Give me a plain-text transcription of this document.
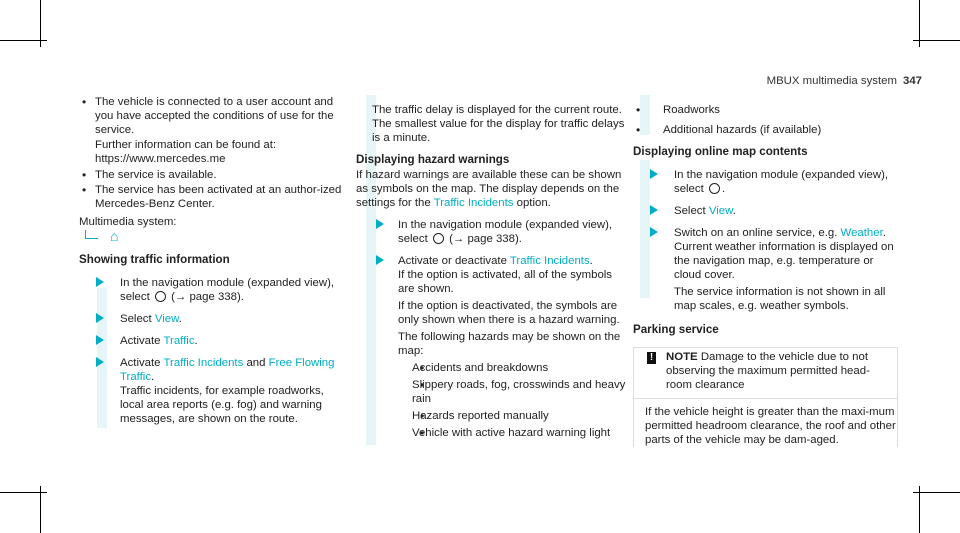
MBUX multimedia system 347
• The vehicle is connected to a user account and you have accepted the conditions of use for the service.
Further information can be found at: https://www.mercedes.me
• The service is available.
• The service has been activated at an author-ized Mercedes-Benz Center.
Multimedia system:
⌂
Showing traffic information
In the navigation module (expanded view), select (→ page 338).
Select View.
Activate Traffic.
Activate Traffic Incidents and Free Flowing Traffic.
Traffic incidents, for example roadworks, local area reports (e.g. fog) and warning messages, are shown on the route.
The traffic delay is displayed for the current route. The smallest value for the display for traffic delays is a minute.
Displaying hazard warnings
If hazard warnings are available these can be shown as symbols on the map. The display depends on the settings for the Traffic Incidents option.
In the navigation module (expanded view), select (→ page 338).
Activate or deactivate Traffic Incidents.
If the option is activated, all of the symbols are shown.
If the option is deactivated, the symbols are only shown when there is a hazard warning.
The following hazards may be shown on the map:
• Accidents and breakdowns
• Slippery roads, fog, crosswinds and heavy rain
• Hazards reported manually
• Vehicle with active hazard warning light
• Roadworks
• Additional hazards (if available)
Displaying online map contents
In the navigation module (expanded view), select .
Select View.
Switch on an online service, e.g. Weather.
Current weather information is displayed on the navigation map, e.g. temperature or cloud cover.
The service information is not shown in all map scales, e.g. weather symbols.
Parking service
!	NOTE Damage to the vehicle due to not observing the maximum permitted head-room clearance
If the vehicle height is greater than the maxi-mum permitted headroom clearance, the roof and other parts of the vehicle may be dam-aged.
